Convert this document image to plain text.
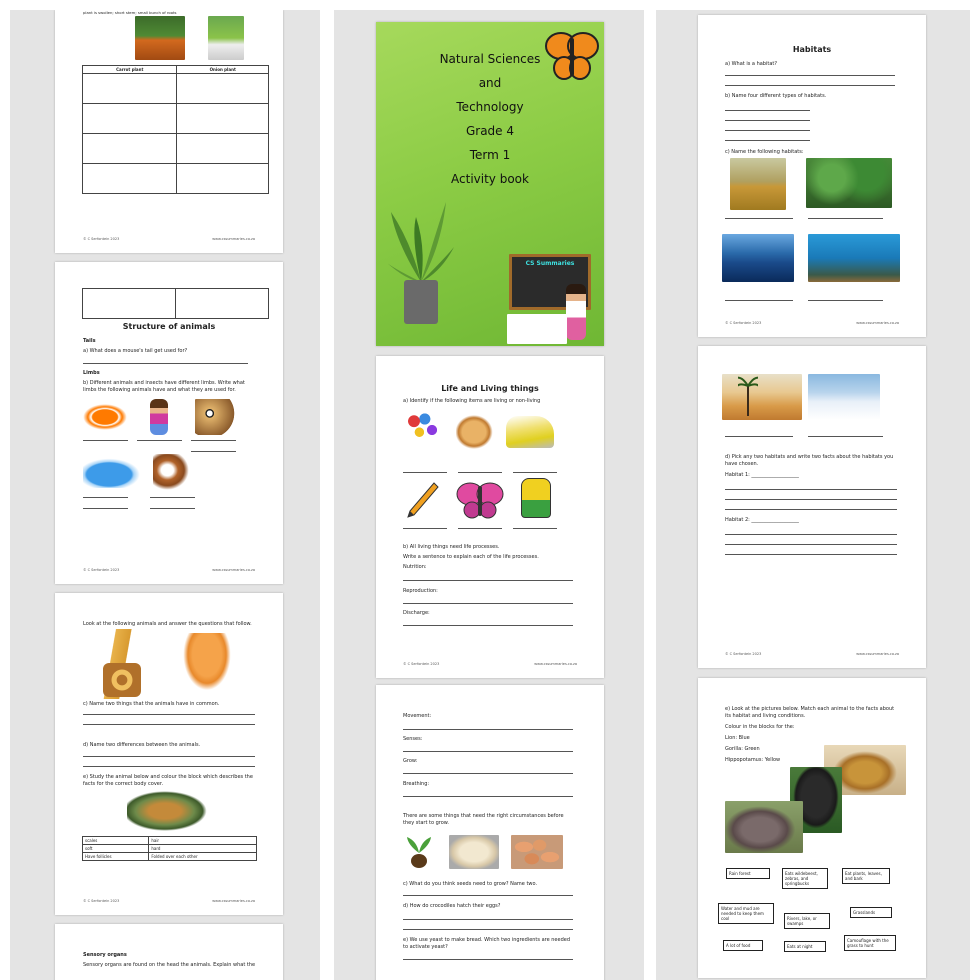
plant is swollen; short stem; small bunch of roots
Carrot plant	Onion plant

© C Serfontein 2023	www.cssummaries.co.za

Structure of animals
Tails
a) What does a mouse's tail get used for?
Limbs
b) Different animals and insects have different limbs. Write what
limbs the following animals have and what they are used for.
© C Serfontein 2023	www.cssummaries.co.za
Look at the following animals and answer the questions that follow.
c) Name two things that the animals have in common.
d) Name two differences between the animals.
e) Study the animal below and colour the block which describes the
facts for the correct body cover.
scales	hair
soft	hard
Have follicles	Folded over each other
© C Serfontein 2023	www.cssummaries.co.za
Sensory organs
Sensory organs are found on the head the animals. Explain what the
Natural Sciences
and
Technology
Grade 4
Term 1
Activity book
CS Summaries
Life and Living things
a) Identify if the following items are living or non-living
b) All living things need life processes.
Write a sentence to explain each of the life processes.
Nutrition:
Reproduction:
Discharge:
© C Serfontein 2023	www.cssummaries.co.za
Movement:
Senses:
Grow:
Breathing:
There are some things that need the right circumstances before
they start to grow.
c) What do you think seeds need to grow? Name two.
d) How do crocodiles hatch their eggs?
e) We use yeast to make bread. Which two ingredients are needed
to activate yeast?
Habitats
a) What is a habitat?
b) Name four different types of habitats.
c) Name the following habitats:
© C Serfontein 2023	www.cssummaries.co.za
d) Pick any two habitats and write two facts about the habitats you
have chosen.
Habitat 1: ___________________
Habitat 2: ___________________
© C Serfontein 2023	www.cssummaries.co.za
e) Look at the pictures below. Match each animal to the facts about
its habitat and living conditions.
Colour in the blocks for the:
Lion: Blue
Gorilla: Green
Hippopotamus: Yellow
Rain forest	Eats wildebeest, zebras, and springbucks
Eat plants, leaves, and bark
Water and mud are needed to keep them cool	Rivers, lake, or swamps
Grasslands
A lot of food	Eats at night
Camouflage with the grass to hunt
